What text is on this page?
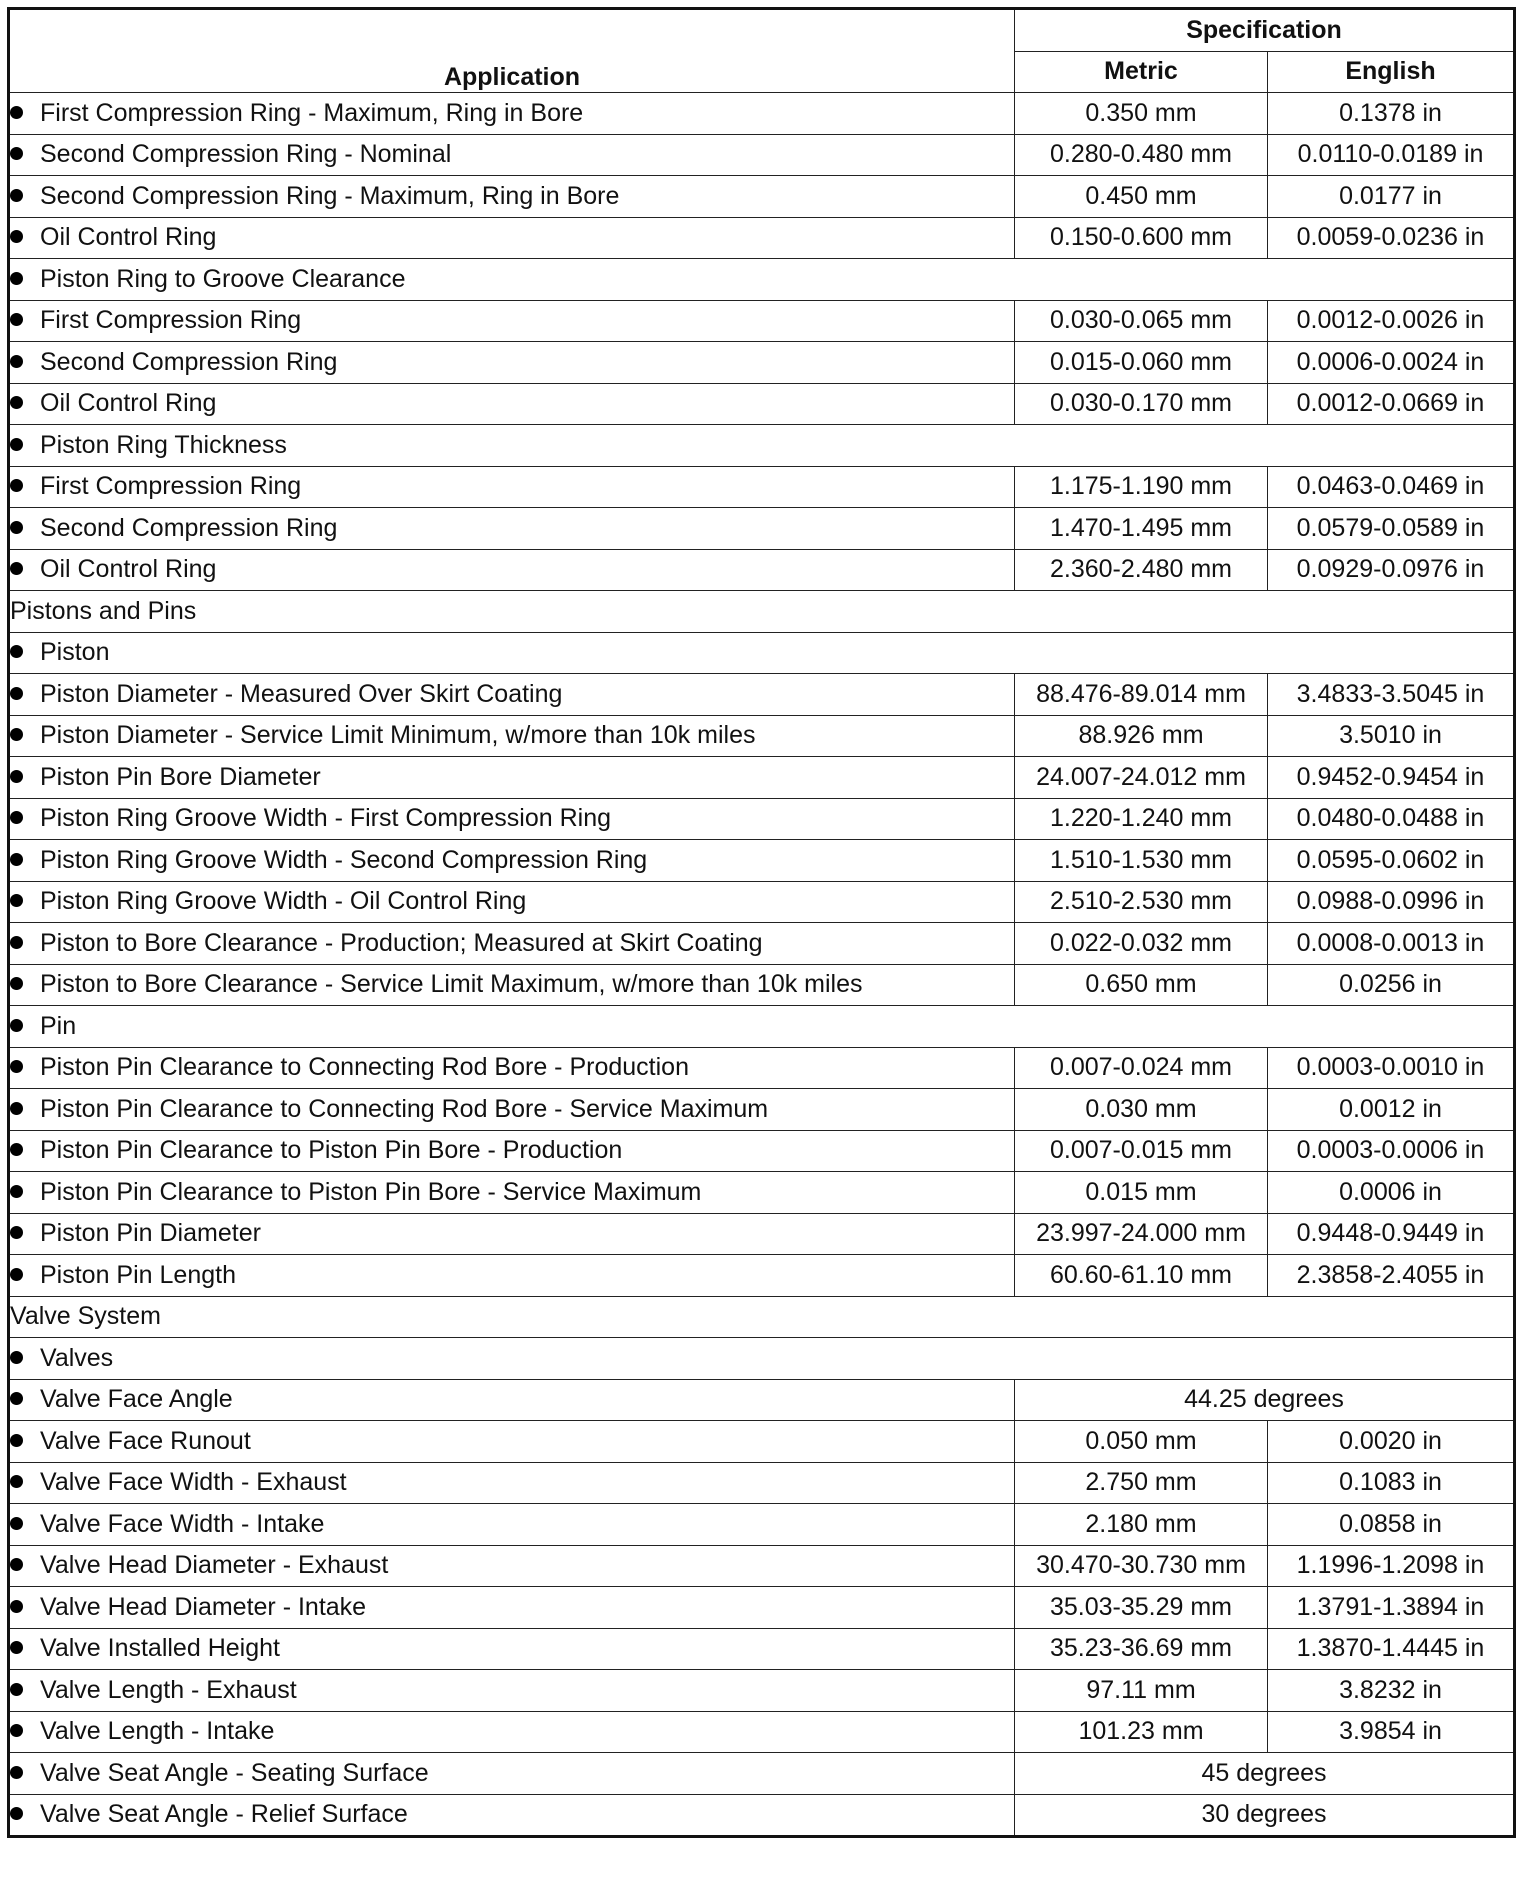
Application	Specification	
	Metric	English
First Compression Ring - Maximum, Ring in Bore	0.350 mm	0.1378 in
Second Compression Ring - Nominal	0.280-0.480 mm	0.0110-0.0189 in
Second Compression Ring - Maximum, Ring in Bore	0.450 mm	0.0177 in
Oil Control Ring	0.150-0.600 mm	0.0059-0.0236 in
Piston Ring to Groove Clearance		
First Compression Ring	0.030-0.065 mm	0.0012-0.0026 in
Second Compression Ring	0.015-0.060 mm	0.0006-0.0024 in
Oil Control Ring	0.030-0.170 mm	0.0012-0.0669 in
Piston Ring Thickness		
First Compression Ring	1.175-1.190 mm	0.0463-0.0469 in
Second Compression Ring	1.470-1.495 mm	0.0579-0.0589 in
Oil Control Ring	2.360-2.480 mm	0.0929-0.0976 in
Pistons and Pins		
Piston		
Piston Diameter - Measured Over Skirt Coating	88.476-89.014 mm	3.4833-3.5045 in
Piston Diameter - Service Limit Minimum, w/more than 10k miles	88.926 mm	3.5010 in
Piston Pin Bore Diameter	24.007-24.012 mm	0.9452-0.9454 in
Piston Ring Groove Width - First Compression Ring	1.220-1.240 mm	0.0480-0.0488 in
Piston Ring Groove Width - Second Compression Ring	1.510-1.530 mm	0.0595-0.0602 in
Piston Ring Groove Width - Oil Control Ring	2.510-2.530 mm	0.0988-0.0996 in
Piston to Bore Clearance - Production; Measured at Skirt Coating	0.022-0.032 mm	0.0008-0.0013 in
Piston to Bore Clearance - Service Limit Maximum, w/more than 10k miles	0.650 mm	0.0256 in
Pin		
Piston Pin Clearance to Connecting Rod Bore - Production	0.007-0.024 mm	0.0003-0.0010 in
Piston Pin Clearance to Connecting Rod Bore - Service Maximum	0.030 mm	0.0012 in
Piston Pin Clearance to Piston Pin Bore - Production	0.007-0.015 mm	0.0003-0.0006 in
Piston Pin Clearance to Piston Pin Bore - Service Maximum	0.015 mm	0.0006 in
Piston Pin Diameter	23.997-24.000 mm	0.9448-0.9449 in
Piston Pin Length	60.60-61.10 mm	2.3858-2.4055 in
Valve System		
Valves		
Valve Face Angle	44.25 degrees	
Valve Face Runout	0.050 mm	0.0020 in
Valve Face Width - Exhaust	2.750 mm	0.1083 in
Valve Face Width - Intake	2.180 mm	0.0858 in
Valve Head Diameter - Exhaust	30.470-30.730 mm	1.1996-1.2098 in
Valve Head Diameter - Intake	35.03-35.29 mm	1.3791-1.3894 in
Valve Installed Height	35.23-36.69 mm	1.3870-1.4445 in
Valve Length - Exhaust	97.11 mm	3.8232 in
Valve Length - Intake	101.23 mm	3.9854 in
Valve Seat Angle - Seating Surface	45 degrees	
Valve Seat Angle - Relief Surface	30 degrees	
